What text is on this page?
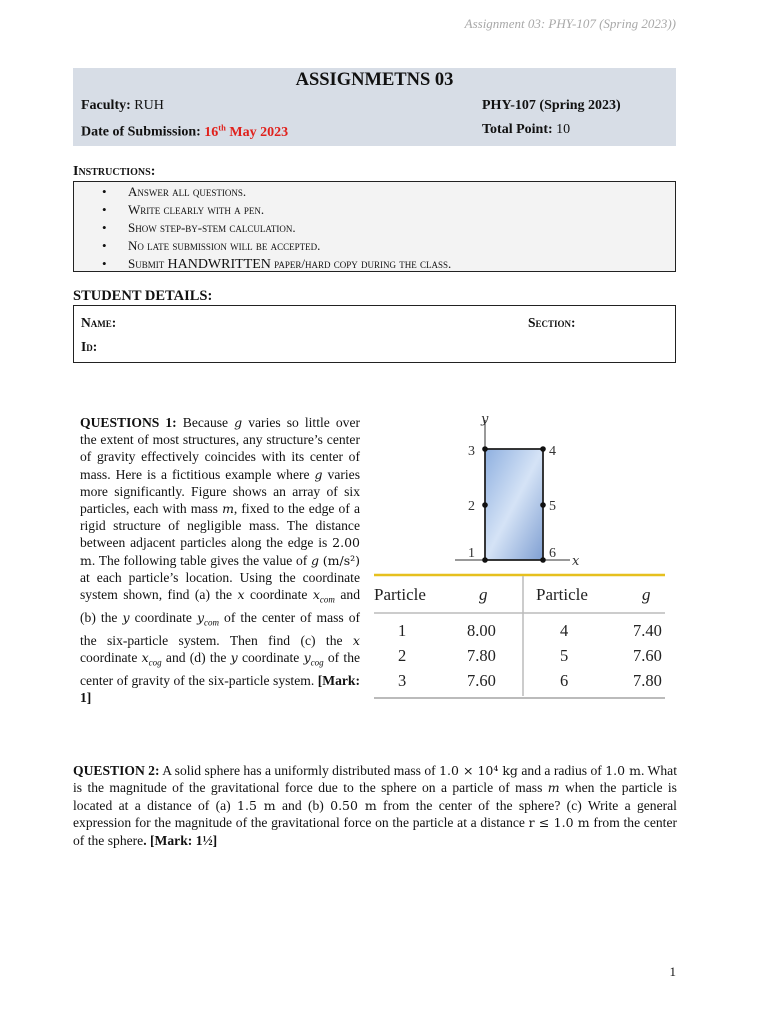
Assignment 03: PHY-107 (Spring 2023))
ASSIGNMETNS 03
Faculty: RUH	PHY-107 (Spring 2023)
Date of Submission: 16th May 2023	Total Point: 10
Instructions:
• Answer all questions.
• Write clearly with a pen.
• Show step-by-stem calculation.
• No late submission will be accepted.
• Submit HANDWRITTEN paper/hard copy during the class.
STUDENT DETAILS:
Name:	Section:
Id:
QUESTIONS 1: Because g varies so little over the extent of most structures, any structure’s center of gravity effectively coincides with its center of mass. Here is a fictitious example where g varies more significantly. Figure shows an array of six particles, each with mass m, fixed to the edge of a rigid structure of negligible mass. The distance between adjacent particles along the edge is 2.00 m. The following table gives the value of g (m/s²) at each particle’s location. Using the coordinate system shown, find (a) the x coordinate $x_{com}$ and (b) the y coordinate $y_{com}$ of the center of mass of the six-particle system. Then find (c) the x coordinate $x_{cog}$ and (d) the y coordinate $y_{cog}$ of the center of gravity of the six-particle system. [Mark: 1]
y
x
1
2
3	4
5
6
Particle	g	Particle	g
1	8.00	4	7.40
2	7.80	5	7.60
3	7.60	6	7.80
QUESTION 2: A solid sphere has a uniformly distributed mass of 1.0 × 10⁴ kg and a radius of 1.0 m. What is the magnitude of the gravitational force due to the sphere on a particle of mass m when the particle is located at a distance of (a) 1.5 m and (b) 0.50 m from the center of the sphere? (c) Write a general expression for the magnitude of the gravitational force on the particle at a distance r ≤ 1.0 m from the center of the sphere. [Mark: 1½]
1
